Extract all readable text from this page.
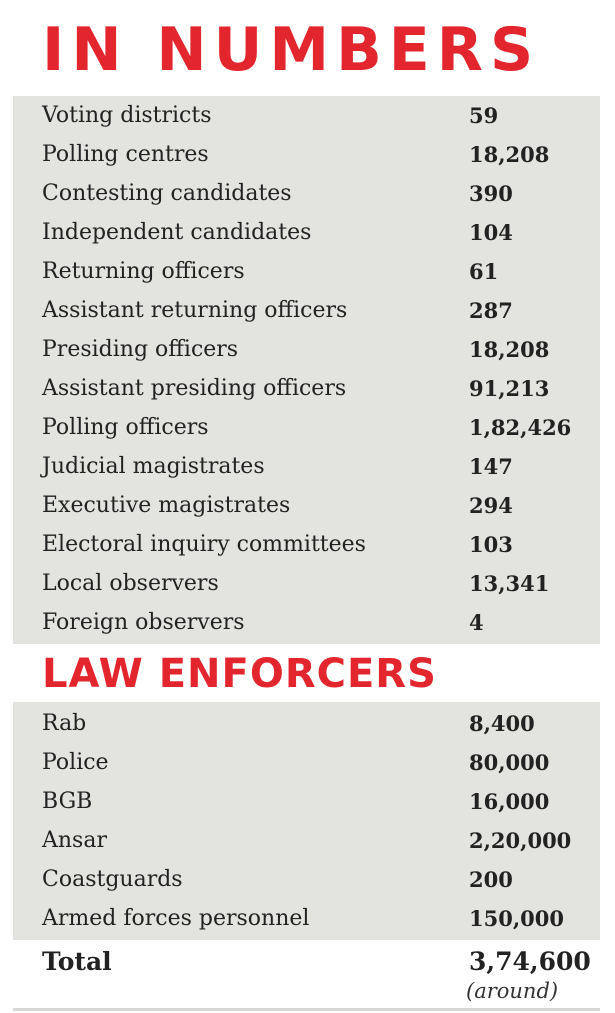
IN NUMBERS
Voting districts	59
Polling centres	18,208
Contesting candidates	390
Independent candidates	104
Returning officers	61
Assistant returning officers	287
Presiding officers	18,208
Assistant presiding officers	91,213
Polling officers	1,82,426
Judicial magistrates	147
Executive magistrates	294
Electoral inquiry committees	103
Local observers	13,341
Foreign observers	4
LAW ENFORCERS
Rab	8,400
Police	80,000
BGB	16,000
Ansar	2,20,000
Coastguards	200
Armed forces personnel	150,000
Total	3,74,600
(around)
